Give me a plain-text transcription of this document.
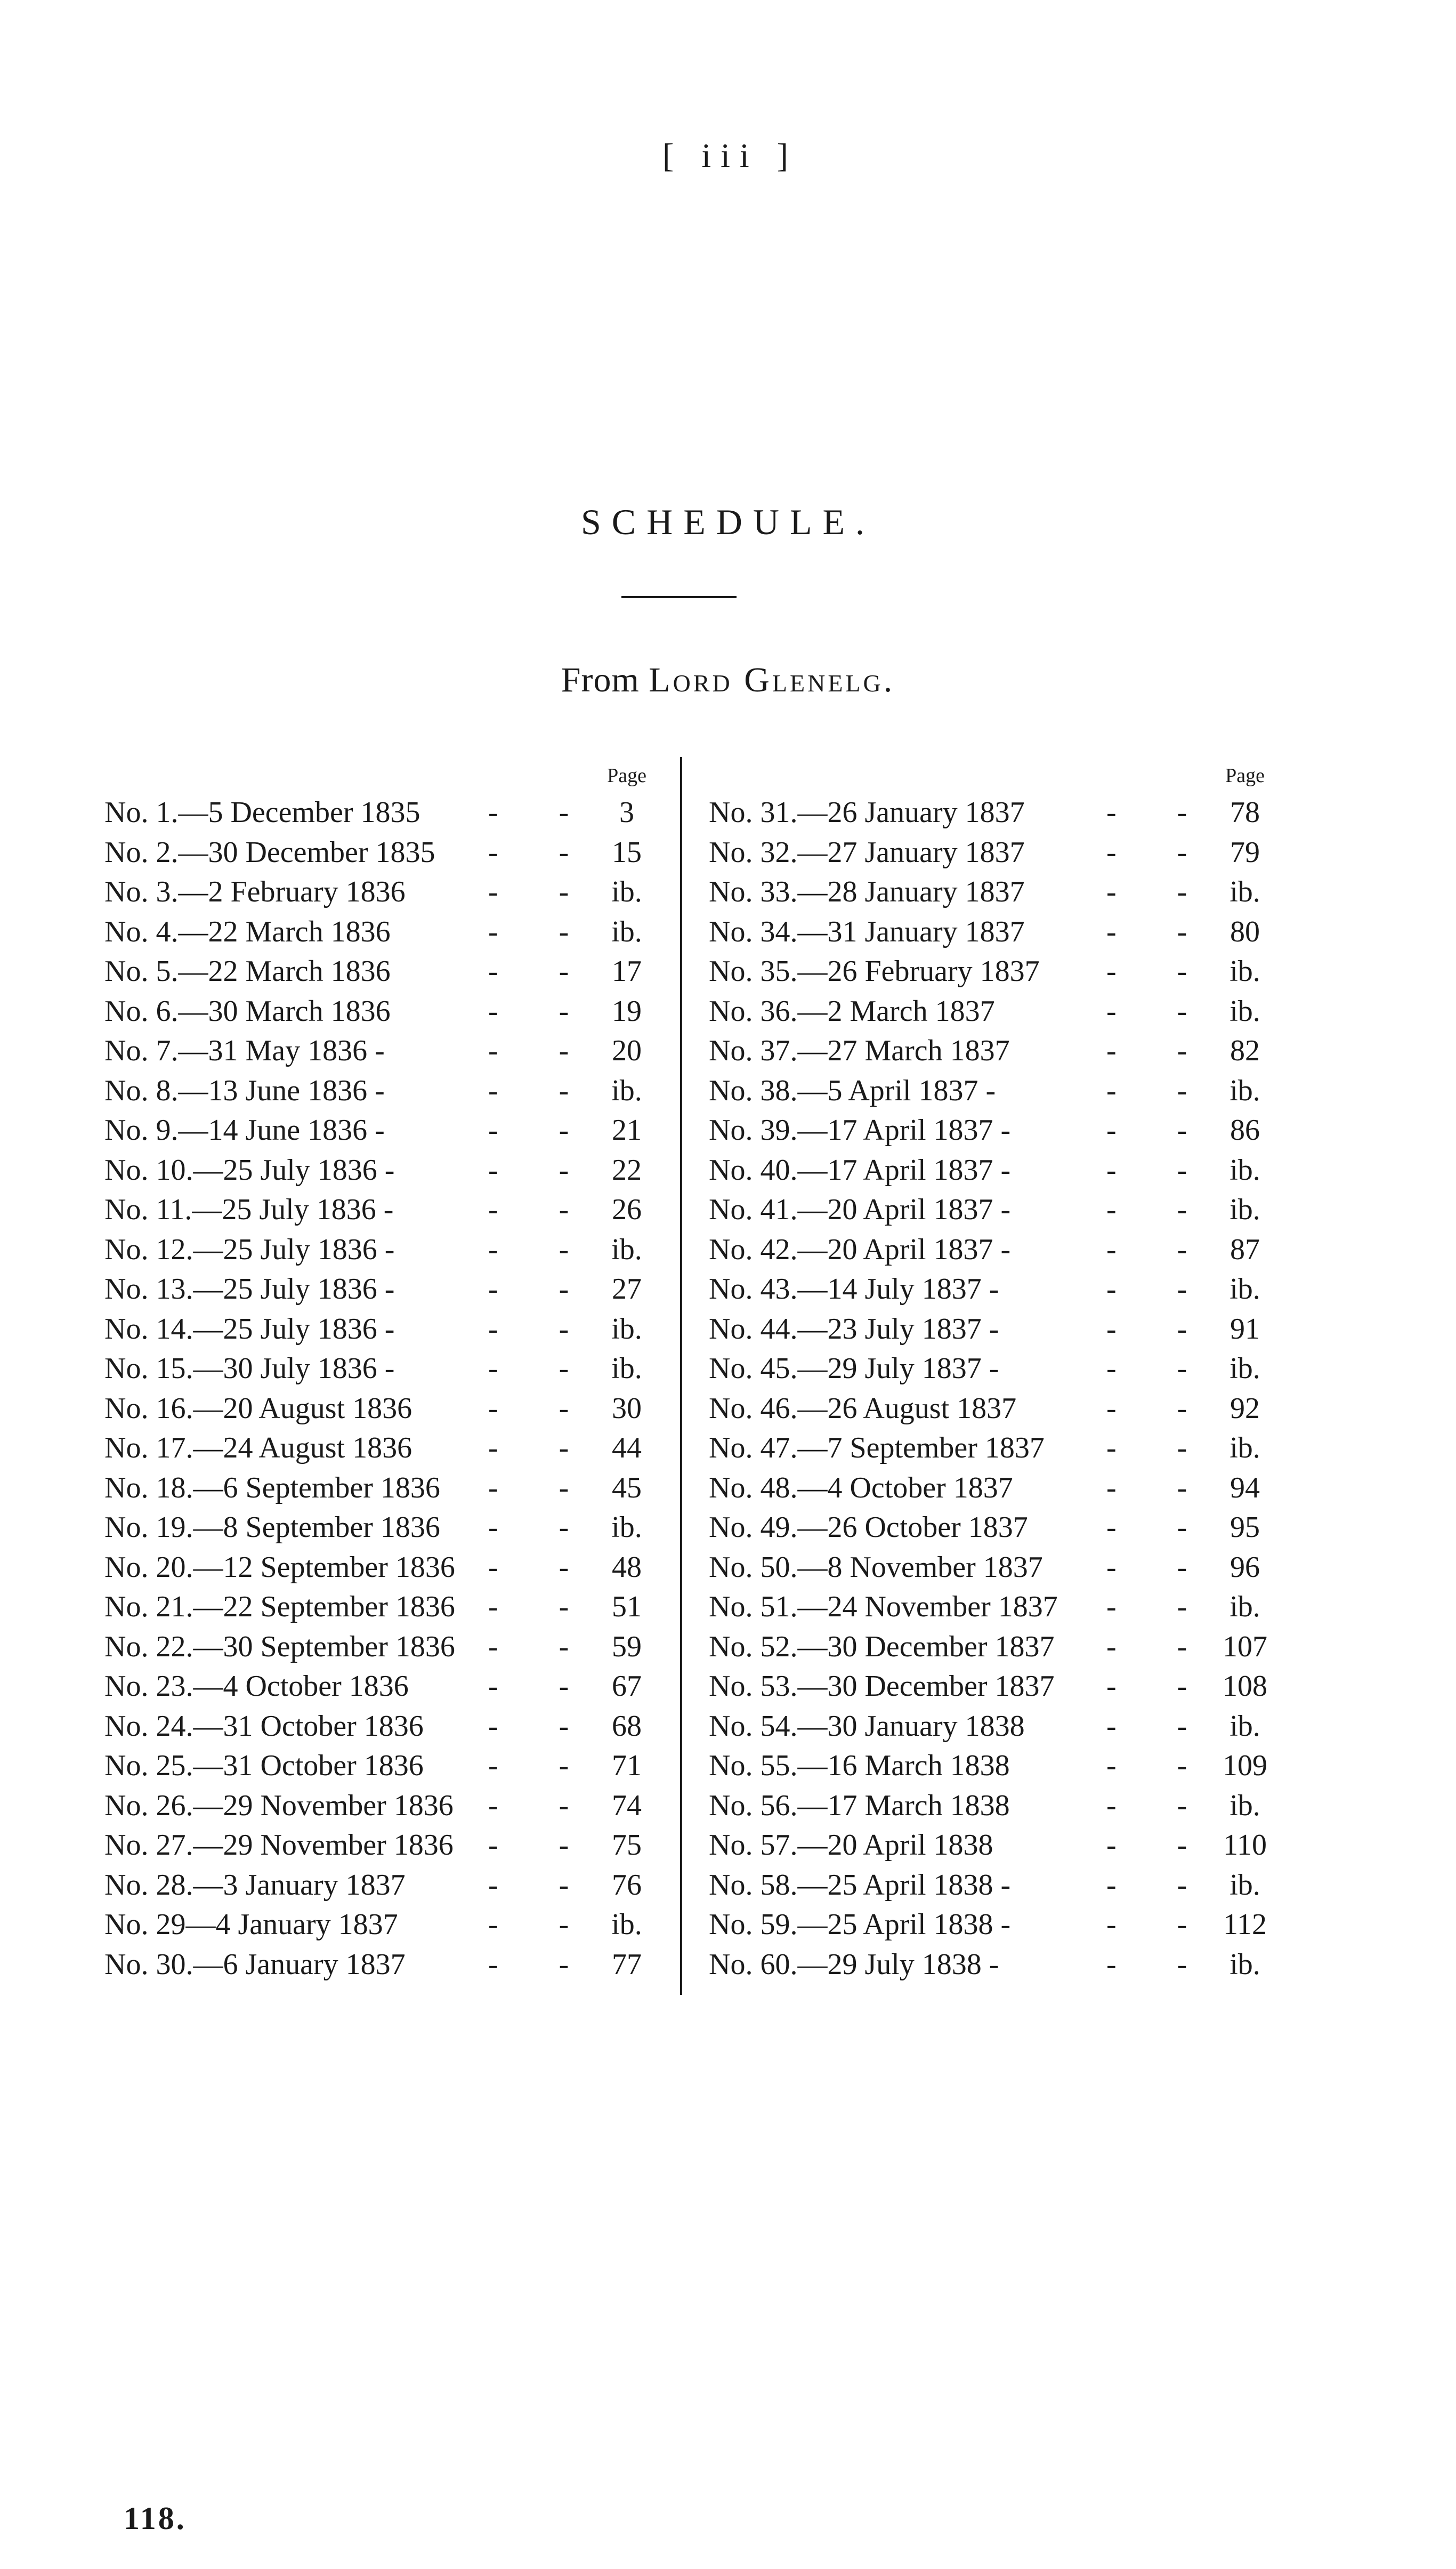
[ iii ]
SCHEDULE.
From Lord Glenelg.
Page
No. 1.—5 December 1835	- - 3
No. 2.—30 December 1835	- - 15
No. 3.—2 February 1836	- - ib.
No. 4.—22 March 1836	- - ib.
No. 5.—22 March 1836	- - 17
No. 6.—30 March 1836	- - 19
No. 7.—31 May 1836 -	- - 20
No. 8.—13 June 1836 -	- - ib.
No. 9.—14 June 1836 -	- - 21
No. 10.—25 July 1836 -	- - 22
No. 11.—25 July 1836 -	- - 26
No. 12.—25 July 1836 -	- - ib.
No. 13.—25 July 1836 -	- - 27
No. 14.—25 July 1836 -	- - ib.
No. 15.—30 July 1836 -	- - ib.
No. 16.—20 August 1836	- - 30
No. 17.—24 August 1836	- - 44
No. 18.—6 September 1836	- - 45
No. 19.—8 September 1836	- - ib.
No. 20.—12 September 1836	- - 48
No. 21.—22 September 1836	- - 51
No. 22.—30 September 1836	- - 59
No. 23.—4 October 1836	- - 67
No. 24.—31 October 1836	- - 68
No. 25.—31 October 1836	- - 71
No. 26.—29 November 1836	- - 74
No. 27.—29 November 1836	- - 75
No. 28.—3 January 1837	- - 76
No. 29—4 January 1837	- - ib.
No. 30.—6 January 1837	- - 77
Page
No. 31.—26 January 1837	- - 78
No. 32.—27 January 1837	- - 79
No. 33.—28 January 1837	- - ib.
No. 34.—31 January 1837	- - 80
No. 35.—26 February 1837	- - ib.
No. 36.—2 March 1837	- - ib.
No. 37.—27 March 1837	- - 82
No. 38.—5 April 1837 -	- - ib.
No. 39.—17 April 1837 -	- - 86
No. 40.—17 April 1837 -	- - ib.
No. 41.—20 April 1837 -	- - ib.
No. 42.—20 April 1837 -	- - 87
No. 43.—14 July 1837 -	- - ib.
No. 44.—23 July 1837 -	- - 91
No. 45.—29 July 1837 -	- - ib.
No. 46.—26 August 1837	- - 92
No. 47.—7 September 1837	- - ib.
No. 48.—4 October 1837	- - 94
No. 49.—26 October 1837	- - 95
No. 50.—8 November 1837	- - 96
No. 51.—24 November 1837	- - ib.
No. 52.—30 December 1837	- - 107
No. 53.—30 December 1837	- - 108
No. 54.—30 January 1838	- - ib.
No. 55.—16 March 1838	- - 109
No. 56.—17 March 1838	- - ib.
No. 57.—20 April 1838	- - 110
No. 58.—25 April 1838 -	- - ib.
No. 59.—25 April 1838 -	- - 112
No. 60.—29 July 1838 -	- - ib.
118.
